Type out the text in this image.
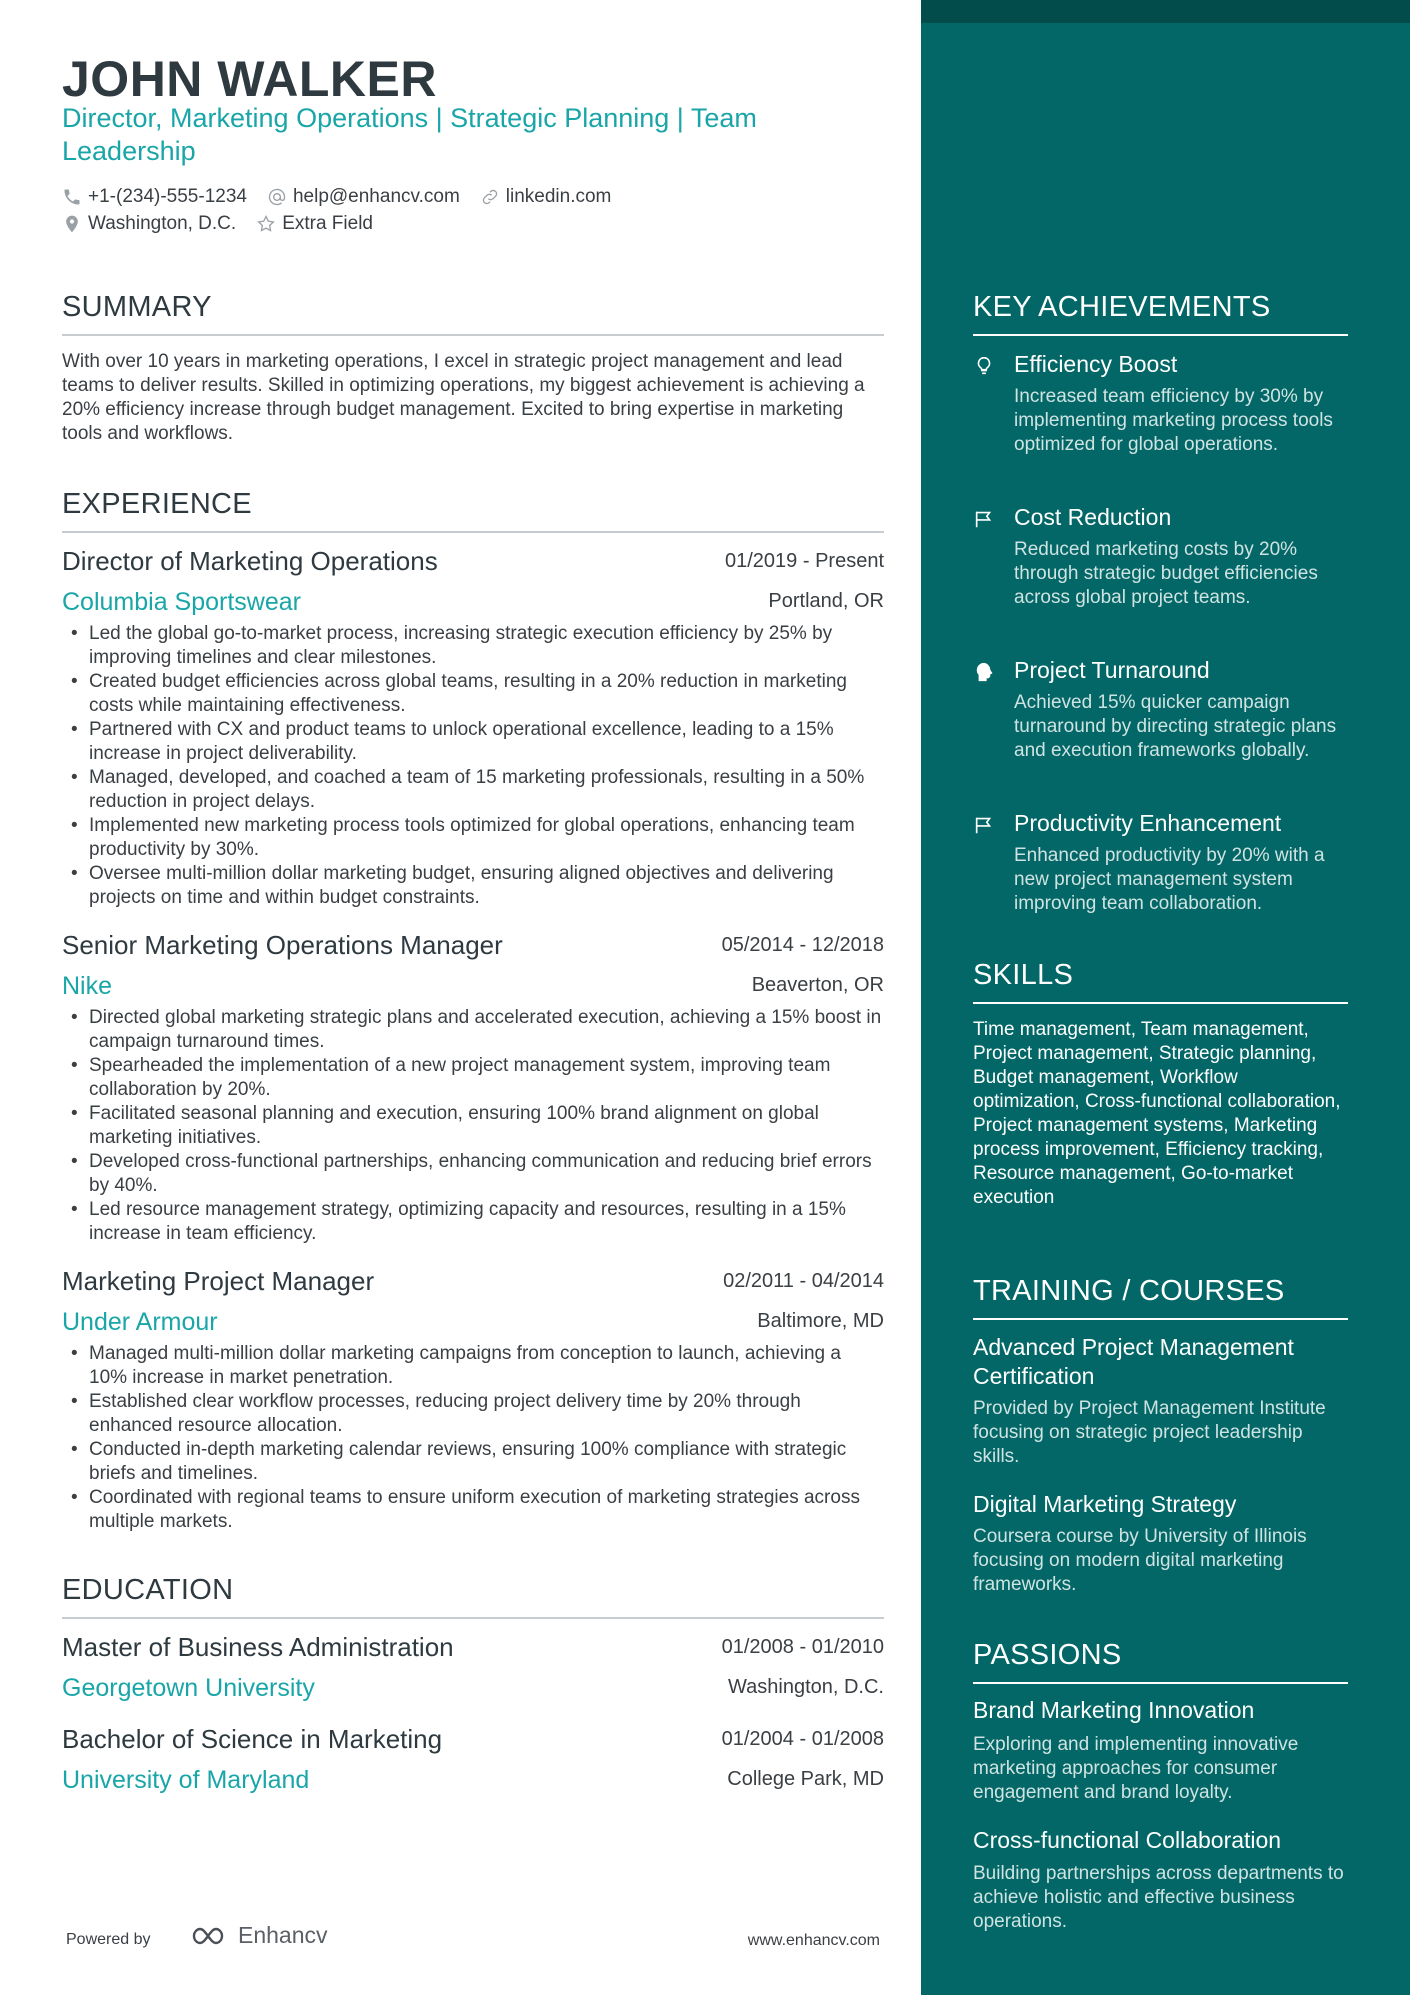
JOHN WALKER
Director, Marketing Operations | Strategic Planning | Team Leadership
+1-(234)-555-1234 help@enhancv.com linkedin.com
Washington, D.C. Extra Field
SUMMARY
With over 10 years in marketing operations, I excel in strategic project management and lead teams to deliver results. Skilled in optimizing operations, my biggest achievement is achieving a 20% efficiency increase through budget management. Excited to bring expertise in marketing tools and workflows.
EXPERIENCE
Director of Marketing Operations	01/2019 - Present
Columbia Sportswear	Portland, OR
• Led the global go-to-market process, increasing strategic execution efficiency by 25% by improving timelines and clear milestones.
• Created budget efficiencies across global teams, resulting in a 20% reduction in marketing costs while maintaining effectiveness.
• Partnered with CX and product teams to unlock operational excellence, leading to a 15% increase in project deliverability.
• Managed, developed, and coached a team of 15 marketing professionals, resulting in a 50% reduction in project delays.
• Implemented new marketing process tools optimized for global operations, enhancing team productivity by 30%.
• Oversee multi-million dollar marketing budget, ensuring aligned objectives and delivering projects on time and within budget constraints.
Senior Marketing Operations Manager	05/2014 - 12/2018
Nike	Beaverton, OR
• Directed global marketing strategic plans and accelerated execution, achieving a 15% boost in campaign turnaround times.
• Spearheaded the implementation of a new project management system, improving team collaboration by 20%.
• Facilitated seasonal planning and execution, ensuring 100% brand alignment on global marketing initiatives.
• Developed cross-functional partnerships, enhancing communication and reducing brief errors by 40%.
• Led resource management strategy, optimizing capacity and resources, resulting in a 15% increase in team efficiency.
Marketing Project Manager	02/2011 - 04/2014
Under Armour	Baltimore, MD
• Managed multi-million dollar marketing campaigns from conception to launch, achieving a 10% increase in market penetration.
• Established clear workflow processes, reducing project delivery time by 20% through enhanced resource allocation.
• Conducted in-depth marketing calendar reviews, ensuring 100% compliance with strategic briefs and timelines.
• Coordinated with regional teams to ensure uniform execution of marketing strategies across multiple markets.
EDUCATION
Master of Business Administration	01/2008 - 01/2010
Georgetown University	Washington, D.C.
Bachelor of Science in Marketing	01/2004 - 01/2008
University of Maryland	College Park, MD
Powered by	Enhancv	www.enhancv.com
KEY ACHIEVEMENTS
Efficiency Boost
Increased team efficiency by 30% by implementing marketing process tools optimized for global operations.
Cost Reduction
Reduced marketing costs by 20% through strategic budget efficiencies across global project teams.
Project Turnaround
Achieved 15% quicker campaign turnaround by directing strategic plans and execution frameworks globally.
Productivity Enhancement
Enhanced productivity by 20% with a new project management system improving team collaboration.
SKILLS
Time management, Team management, Project management, Strategic planning, Budget management, Workflow optimization, Cross-functional collaboration, Project management systems, Marketing process improvement, Efficiency tracking, Resource management, Go-to-market execution
TRAINING / COURSES
Advanced Project Management Certification
Provided by Project Management Institute focusing on strategic project leadership skills.
Digital Marketing Strategy
Coursera course by University of Illinois focusing on modern digital marketing frameworks.
PASSIONS
Brand Marketing Innovation
Exploring and implementing innovative marketing approaches for consumer engagement and brand loyalty.
Cross-functional Collaboration
Building partnerships across departments to achieve holistic and effective business operations.
